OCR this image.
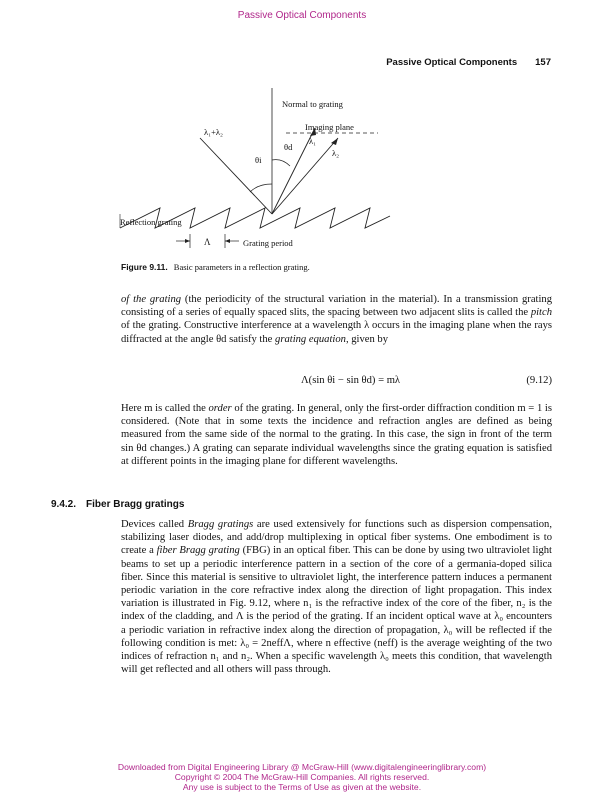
Passive Optical Components
Passive Optical Components 157
Normal to grating
Imaging plane
λ₁+λ₂
λ₁
λ₂
θd
θi
Reflection grating
Λ	Grating period
Figure 9.11. Basic parameters in a reflection grating.
of the grating (the periodicity of the structural variation in the material). In a transmission grating consisting of a series of equally spaced slits, the spacing between two adjacent slits is called the pitch of the grating. Constructive interference at a wavelength λ occurs in the imaging plane when the rays diffracted at the angle θd satisfy the grating equation, given by
Λ(sin θi − sin θd) = mλ	(9.12)
Here m is called the order of the grating. In general, only the first-order diffraction condition m = 1 is considered. (Note that in some texts the incidence and refraction angles are defined as being measured from the same side of the normal to the grating. In this case, the sign in front of the term sin θd changes.) A grating can separate individual wavelengths since the grating equation is satisfied at different points in the imaging plane for different wavelengths.
9.4.2. Fiber Bragg gratings
Devices called Bragg gratings are used extensively for functions such as dispersion compensation, stabilizing laser diodes, and add/drop multiplexing in optical fiber systems. One embodiment is to create a fiber Bragg grating (FBG) in an optical fiber. This can be done by using two ultraviolet light beams to set up a periodic interference pattern in a section of the core of a germania-doped silica fiber. Since this material is sensitive to ultraviolet light, the interference pattern induces a permanent periodic variation in the core refractive index along the direction of light propagation. This index variation is illustrated in Fig. 9.12, where n₁ is the refractive index of the core of the fiber, n₂ is the index of the cladding, and Λ is the period of the grating. If an incident optical wave at λ₀ encounters a periodic variation in refractive index along the direction of propagation, λ₀ will be reflected if the following condition is met: λ₀ = 2neffΛ, where n effective (neff) is the average weighting of the two indices of refraction n₁ and n₂. When a specific wavelength λ₀ meets this condition, that wavelength will get reflected and all others will pass through.
Downloaded from Digital Engineering Library @ McGraw-Hill (www.digitalengineeringlibrary.com)
Copyright © 2004 The McGraw-Hill Companies. All rights reserved.
Any use is subject to the Terms of Use as given at the website.
